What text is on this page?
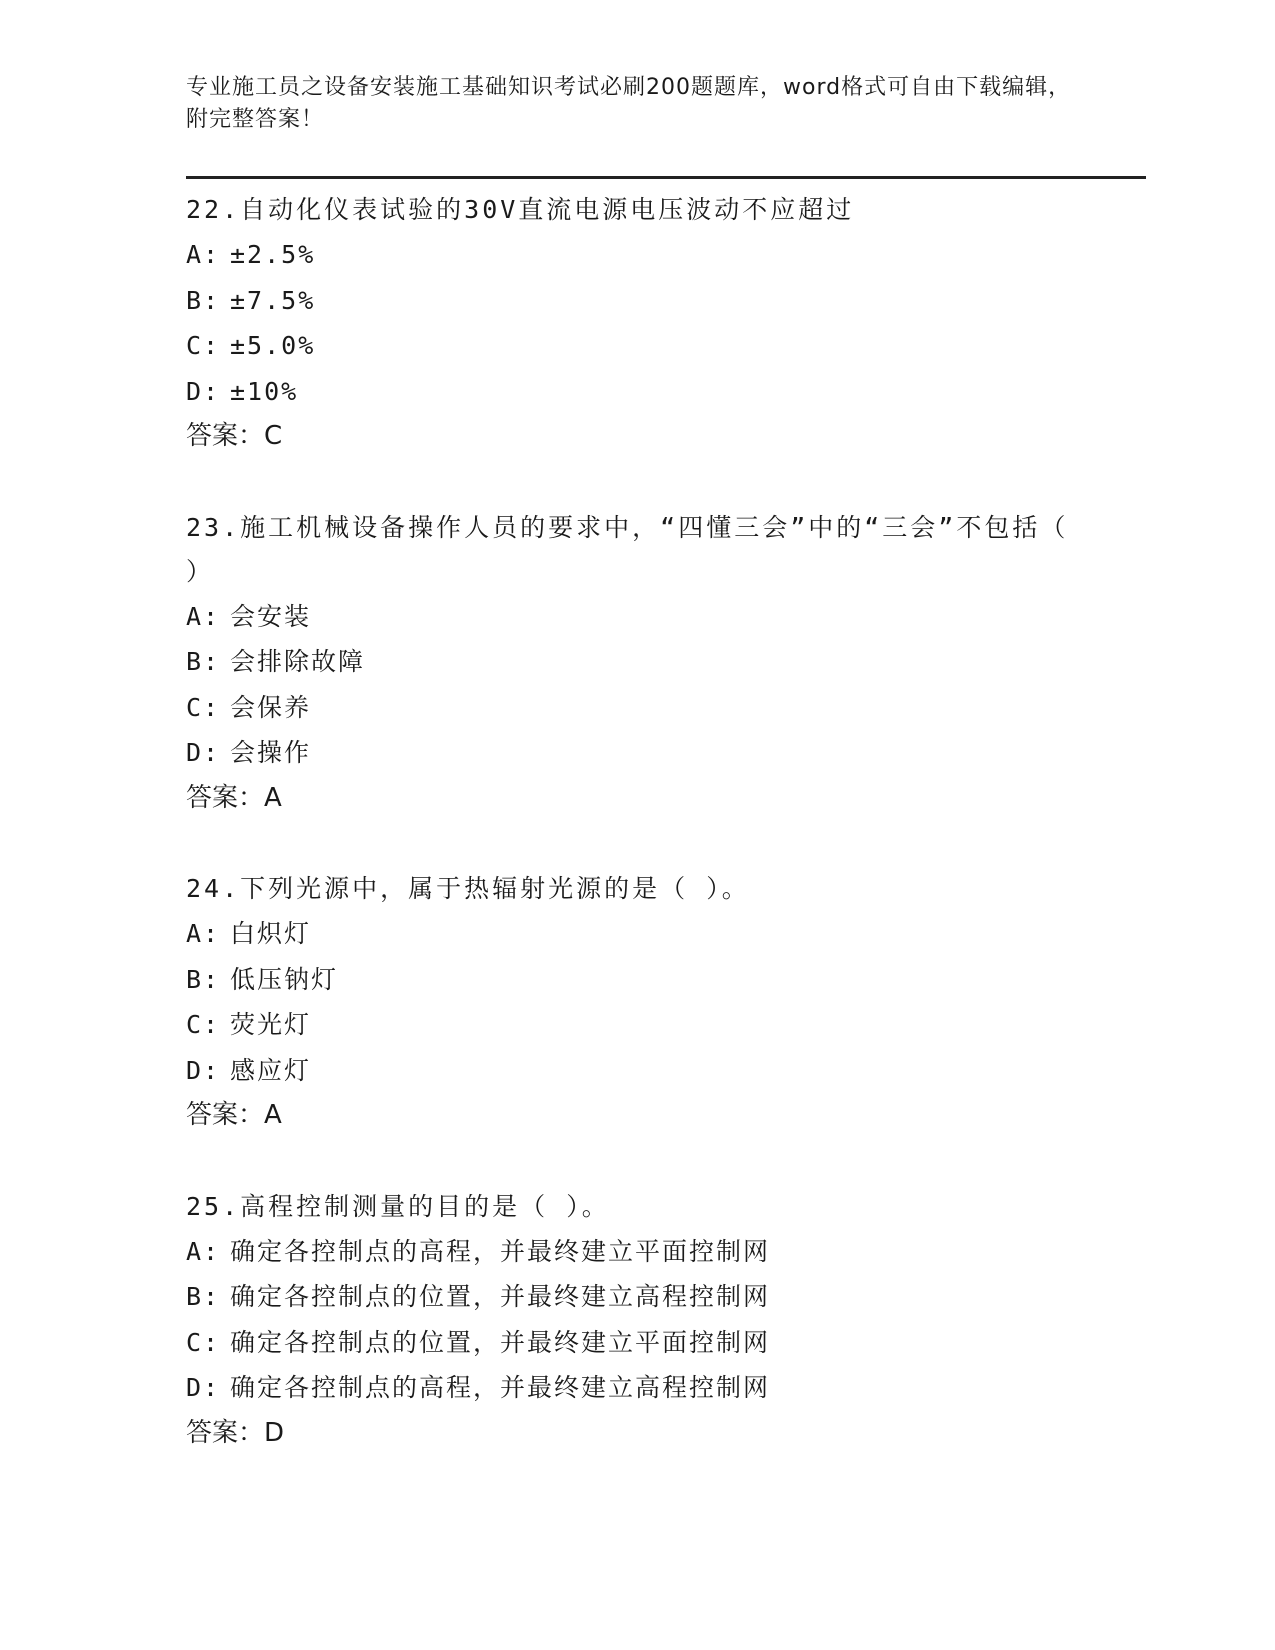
专业施工员之设备安装施工基础知识考试必刷200题题库，word格式可自由下载编辑，附完整答案！
22.自动化仪表试验的30V直流电源电压波动不应超过
A: ±2.5%
B: ±7.5%
C: ±5.0%
D: ±10%
答案：C
23.施工机械设备操作人员的要求中，“四懂三会”中的“三会”不包括（ ）
A: 会安装
B: 会排除故障
C: 会保养
D: 会操作
答案：A
24.下列光源中，属于热辐射光源的是（ ）。
A: 白炽灯
B: 低压钠灯
C: 荧光灯
D: 感应灯
答案：A
25.高程控制测量的目的是（ ）。
A: 确定各控制点的高程，并最终建立平面控制网
B: 确定各控制点的位置，并最终建立高程控制网
C: 确定各控制点的位置，并最终建立平面控制网
D: 确定各控制点的高程，并最终建立高程控制网
答案：D
